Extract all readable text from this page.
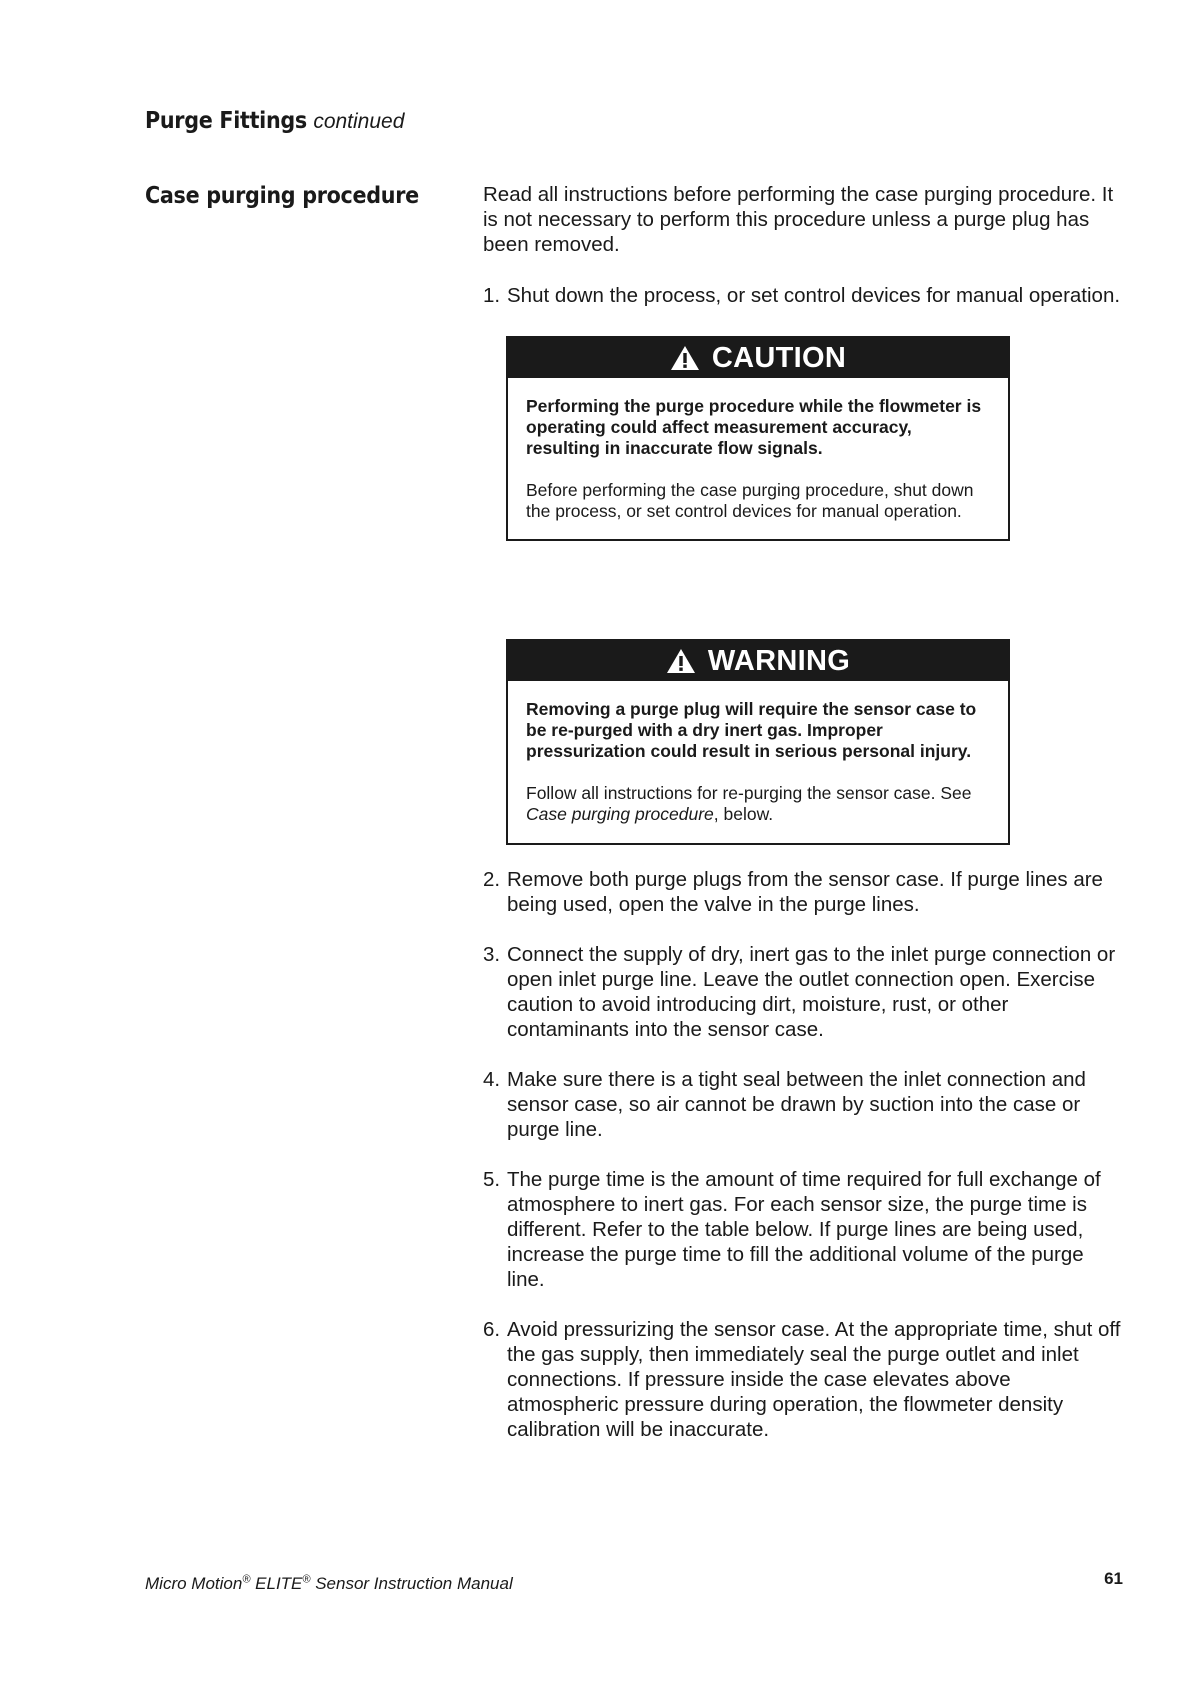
Purge Fittings continued
Case purging procedure	Read all instructions before performing the case purging procedure. It is not necessary to perform this procedure unless a purge plug has been removed.
1. Shut down the process, or set control devices for manual operation.
CAUTION

Performing the purge procedure while the flowmeter is operating could affect measurement accuracy, resulting in inaccurate flow signals.

Before performing the case purging procedure, shut down the process, or set control devices for manual operation.

WARNING

Removing a purge plug will require the sensor case to be re-purged with a dry inert gas. Improper pressurization could result in serious personal injury.

Follow all instructions for re-purging the sensor case. See Case purging procedure, below.

2. Remove both purge plugs from the sensor case. If purge lines are being used, open the valve in the purge lines.
3. Connect the supply of dry, inert gas to the inlet purge connection or open inlet purge line. Leave the outlet connection open. Exercise caution to avoid introducing dirt, moisture, rust, or other contaminants into the sensor case.
4. Make sure there is a tight seal between the inlet connection and sensor case, so air cannot be drawn by suction into the case or purge line.
5. The purge time is the amount of time required for full exchange of atmosphere to inert gas. For each sensor size, the purge time is different. Refer to the table below. If purge lines are being used, increase the purge time to fill the additional volume of the purge line.
6. Avoid pressurizing the sensor case. At the appropriate time, shut off the gas supply, then immediately seal the purge outlet and inlet connections. If pressure inside the case elevates above atmospheric pressure during operation, the flowmeter density calibration will be inaccurate.
Micro Motion® ELITE® Sensor Instruction Manual	61
